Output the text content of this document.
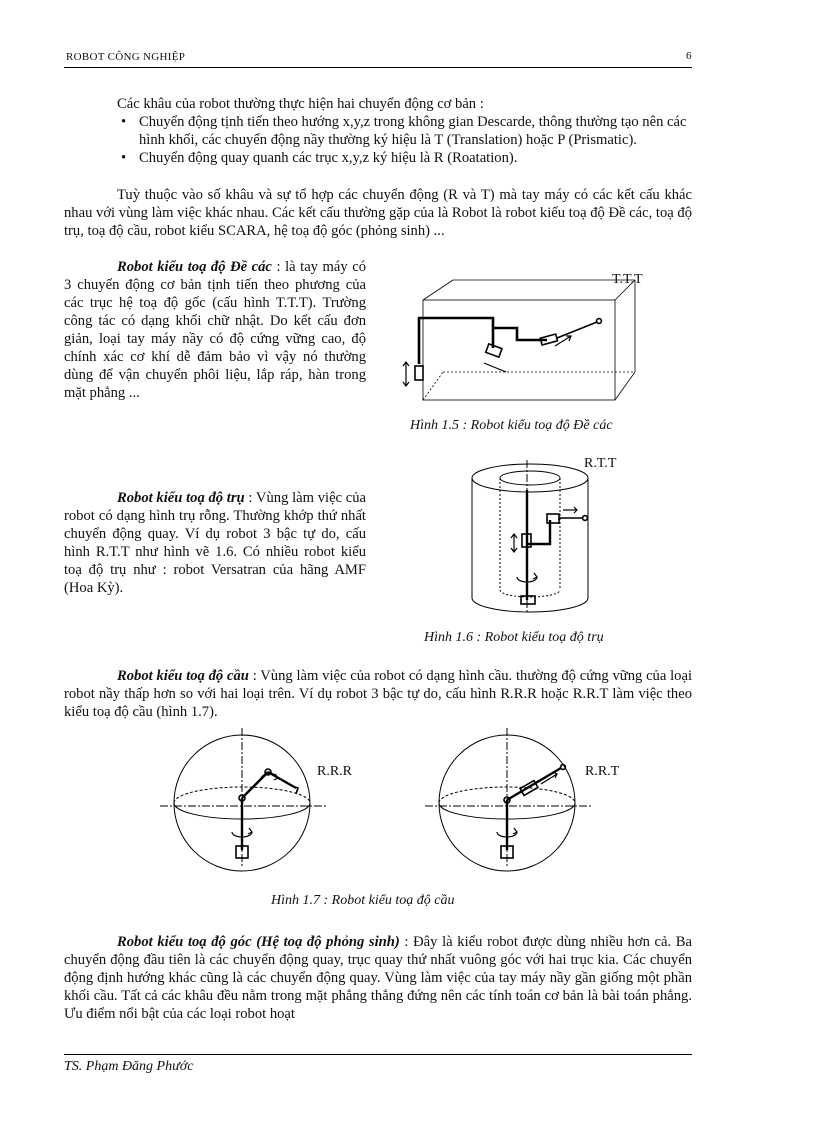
ROBOT CÔNG NGHIỆP	6
Các khâu của robot thường thực hiện hai chuyển động cơ bản :
• Chuyển động tịnh tiến theo hướng x,y,z trong không gian Descarde, thông thường tạo nên các hình khối, các chuyển động nầy thường ký hiệu là T (Translation) hoặc P (Prismatic).
• Chuyển động quay quanh các trục x,y,z ký hiệu là R (Roatation).

Tuỳ thuộc vào số khâu và sự tổ hợp các chuyển động (R và T) mà tay máy có các kết cấu khác nhau với vùng làm việc khác nhau. Các kết cấu thường gặp của là Robot là robot kiểu toạ độ Đề các, toạ độ trụ, toạ độ cầu, robot kiểu SCARA, hệ toạ độ góc (phỏng sinh) ...

Robot kiểu toạ độ Đề các : là tay máy có 3 chuyển động cơ bản tịnh tiến theo phương của các trục hệ toạ độ gốc (cấu hình T.T.T). Trường công tác có dạng khối chữ nhật. Do kết cấu đơn giản, loại tay máy nầy có độ cứng vững cao, độ chính xác cơ khí dễ đảm bảo vì vậy nó thường dùng để vận chuyển phôi liệu, lắp ráp, hàn trong mặt phẳng ...

T.T.T
Hình 1.5 : Robot kiểu toạ độ Đề các

Robot kiểu toạ độ trụ : Vùng làm việc của robot có dạng hình trụ rỗng. Thường khớp thứ nhất chuyển động quay. Ví dụ robot 3 bậc tự do, cấu hình R.T.T như hình vẽ 1.6. Có nhiều robot kiểu toạ độ trụ như : robot Versatran của hãng AMF (Hoa Kỳ).

R.T.T
Hình 1.6 : Robot kiểu toạ độ trụ

Robot kiểu toạ độ cầu : Vùng làm việc của robot có dạng hình cầu. thường độ cứng vững của loại robot nầy thấp hơn so với hai loại trên. Ví dụ robot 3 bậc tự do, cấu hình R.R.R hoặc R.R.T làm việc theo kiểu toạ độ cầu (hình 1.7).

R.R.R	R.R.T
Hình 1.7 : Robot kiểu toạ độ cầu

Robot kiểu toạ độ góc (Hệ toạ độ phỏng sinh) : Đây là kiểu robot được dùng nhiều hơn cả. Ba chuyển động đầu tiên là các chuyển động quay, trục quay thứ nhất vuông góc với hai trục kia. Các chuyển động định hướng khác cũng là các chuyển động quay. Vùng làm việc của tay máy nầy gần giống một phần khối cầu. Tất cả các khâu đều nằm trong mặt phẳng thẳng đứng nên các tính toán cơ bản là bài toán phẳng. Ưu điểm nổi bật của các loại robot hoạt

TS. Phạm Đăng Phước
